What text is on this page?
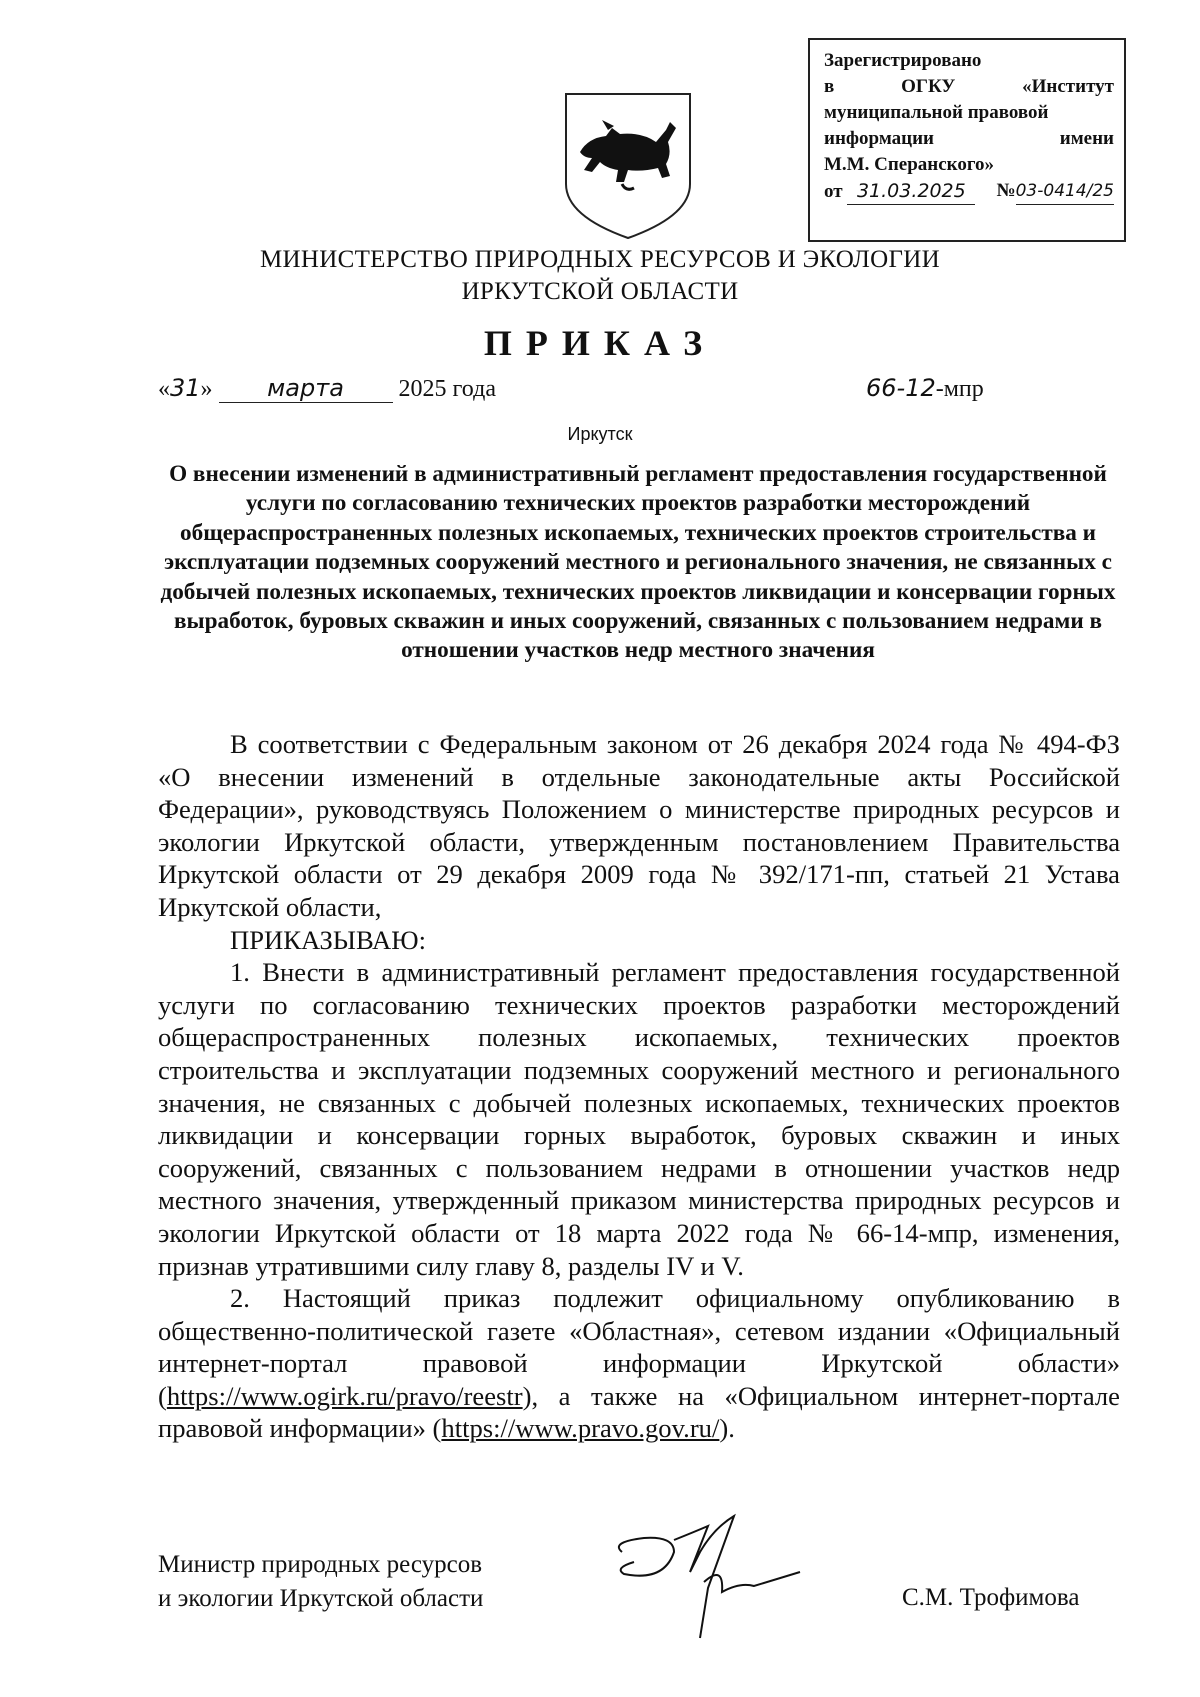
Зарегистрировано
в	ОГКУ	«Институт
муниципальной правовой
информации	имени
М.М. Сперанского»
от 31.03.2025	№03-0414/25
МИНИСТЕРСТВО ПРИРОДНЫХ РЕСУРСОВ И ЭКОЛОГИИ
ИРКУТСКОЙ ОБЛАСТИ
ПРИКАЗ
«31» марта 2025 года	66-12-мпр
Иркутск
О внесении изменений в административный регламент предоставления государственной услуги по согласованию технических проектов разработки месторождений общераспространенных полезных ископаемых, технических проектов строительства и эксплуатации подземных сооружений местного и регионального значения, не связанных с добычей полезных ископаемых, технических проектов ликвидации и консервации горных выработок, буровых скважин и иных сооружений, связанных с пользованием недрами в отношении участков недр местного значения

В соответствии с Федеральным законом от 26 декабря 2024 года № 494-ФЗ «О внесении изменений в отдельные законодательные акты Российской Федерации», руководствуясь Положением о министерстве природных ресурсов и экологии Иркутской области, утвержденным постановлением Правительства Иркутской области от 29 декабря 2009 года № 392/171-пп, статьей 21 Устава Иркутской области,

ПРИКАЗЫВАЮ:

1. Внести в административный регламент предоставления государственной услуги по согласованию технических проектов разработки месторождений общераспространенных полезных ископаемых, технических проектов строительства и эксплуатации подземных сооружений местного и регионального значения, не связанных с добычей полезных ископаемых, технических проектов ликвидации и консервации горных выработок, буровых скважин и иных сооружений, связанных с пользованием недрами в отношении участков недр местного значения, утвержденный приказом министерства природных ресурсов и экологии Иркутской области от 18 марта 2022 года № 66-14-мпр, изменения, признав утратившими силу главу 8, разделы IV и V.

2. Настоящий приказ подлежит официальному опубликованию в общественно-политической газете «Областная», сетевом издании «Официальный интернет-портал правовой информации Иркутской области» (https://www.ogirk.ru/pravo/reestr), а также на «Официальном интернет-портале правовой информации» (https://www.pravo.gov.ru/).

Министр природных ресурсов
и экологии Иркутской области	С.М. Трофимова
